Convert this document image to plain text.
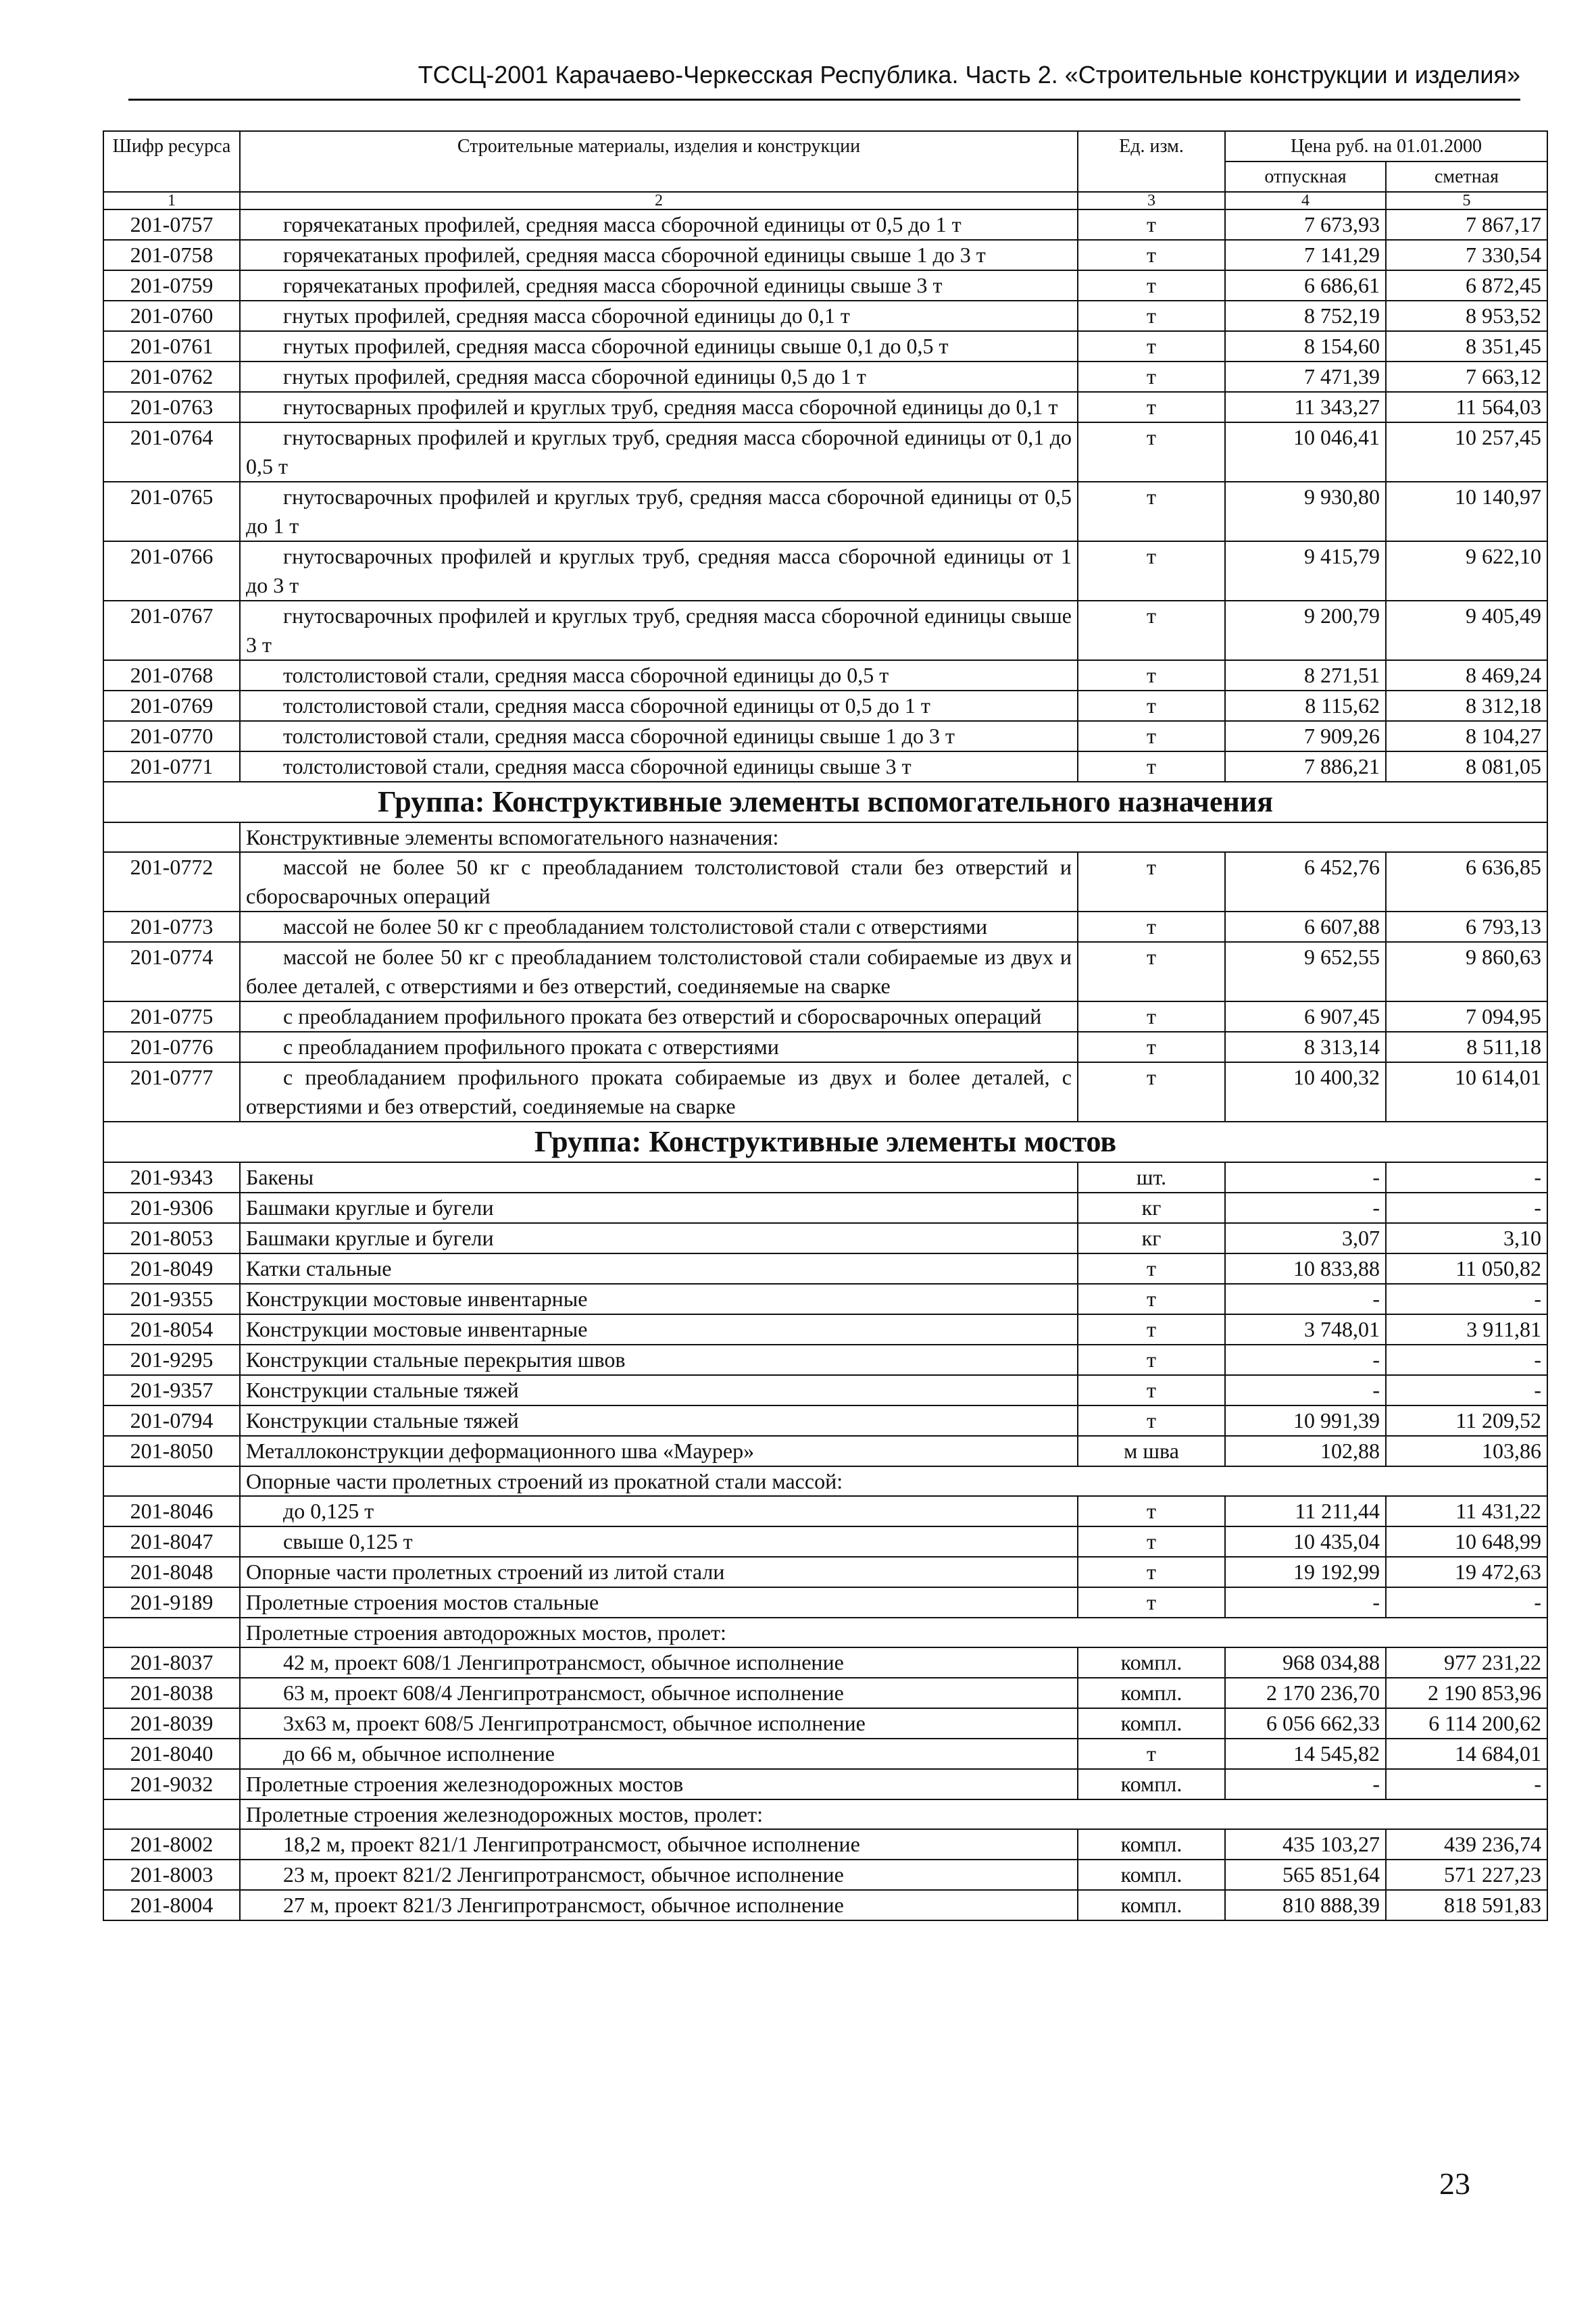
ТССЦ-2001 Карачаево-Черкесская Республика. Часть 2. «Строительные конструкции и изделия»
Шифр ресурса	Строительные материалы, изделия и конструкции	Ед. изм.	Цена руб. на 01.01.2000	
			отпускная	сметная
1	2	3	4	5
201-0757	горячекатаных профилей, средняя масса сборочной единицы от 0,5 до 1 т	т	7 673,93	7 867,17
201-0758	горячекатаных профилей, средняя масса сборочной единицы свыше 1 до 3 т	т	7 141,29	7 330,54
201-0759	горячекатаных профилей, средняя масса сборочной единицы свыше 3 т	т	6 686,61	6 872,45
201-0760	гнутых профилей, средняя масса сборочной единицы до 0,1 т	т	8 752,19	8 953,52
201-0761	гнутых профилей, средняя масса сборочной единицы свыше 0,1 до 0,5 т	т	8 154,60	8 351,45
201-0762	гнутых профилей, средняя масса сборочной единицы 0,5 до 1 т	т	7 471,39	7 663,12
201-0763	гнутосварных профилей и круглых труб, средняя масса сборочной единицы до 0,1 т	т	11 343,27	11 564,03
201-0764	гнутосварных профилей и круглых труб, средняя масса сборочной единицы от 0,1 до 0,5 т	т	10 046,41	10 257,45
201-0765	гнутосварочных профилей и круглых труб, средняя масса сборочной единицы от 0,5 до 1 т	т	9 930,80	10 140,97
201-0766	гнутосварочных профилей и круглых труб, средняя масса сборочной единицы от 1 до 3 т	т	9 415,79	9 622,10
201-0767	гнутосварочных профилей и круглых труб, средняя масса сборочной единицы свыше 3 т	т	9 200,79	9 405,49
201-0768	толстолистовой стали, средняя масса сборочной единицы до 0,5 т	т	8 271,51	8 469,24
201-0769	толстолистовой стали, средняя масса сборочной единицы от 0,5 до 1 т	т	8 115,62	8 312,18
201-0770	толстолистовой стали, средняя масса сборочной единицы свыше 1 до 3 т	т	7 909,26	8 104,27
201-0771	толстолистовой стали, средняя масса сборочной единицы свыше 3 т	т	7 886,21	8 081,05
Группа: Конструктивные элементы вспомогательного назначения				
	Конструктивные элементы вспомогательного назначения:			
201-0772	массой не более 50 кг с преобладанием толстолистовой стали без отверстий и сборосварочных операций	т	6 452,76	6 636,85
201-0773	массой не более 50 кг с преобладанием толстолистовой стали с отверстиями	т	6 607,88	6 793,13
201-0774	массой не более 50 кг с преобладанием толстолистовой стали собираемые из двух и более деталей, с отверстиями и без отверстий, соединяемые на сварке	т	9 652,55	9 860,63
201-0775	с преобладанием профильного проката без отверстий и сборосварочных операций	т	6 907,45	7 094,95
201-0776	с преобладанием профильного проката с отверстиями	т	8 313,14	8 511,18
201-0777	с преобладанием профильного проката собираемые из двух и более деталей, с отверстиями и без отверстий, соединяемые на сварке	т	10 400,32	10 614,01
Группа: Конструктивные элементы мостов				
201-9343	Бакены	шт.	-	-
201-9306	Башмаки круглые и бугели	кг	-	-
201-8053	Башмаки круглые и бугели	кг	3,07	3,10
201-8049	Катки стальные	т	10 833,88	11 050,82
201-9355	Конструкции мостовые инвентарные	т	-	-
201-8054	Конструкции мостовые инвентарные	т	3 748,01	3 911,81
201-9295	Конструкции стальные перекрытия швов	т	-	-
201-9357	Конструкции стальные тяжей	т	-	-
201-0794	Конструкции стальные тяжей	т	10 991,39	11 209,52
201-8050	Металлоконструкции деформационного шва «Маурер»	м шва	102,88	103,86
	Опорные части пролетных строений из прокатной стали массой:			
201-8046	до 0,125 т	т	11 211,44	11 431,22
201-8047	свыше 0,125 т	т	10 435,04	10 648,99
201-8048	Опорные части пролетных строений из литой стали	т	19 192,99	19 472,63
201-9189	Пролетные строения мостов стальные	т	-	-
	Пролетные строения автодорожных мостов, пролет:			
201-8037	42 м, проект 608/1 Ленгипротрансмост, обычное исполнение	компл.	968 034,88	977 231,22
201-8038	63 м, проект 608/4 Ленгипротрансмост, обычное исполнение	компл.	2 170 236,70	2 190 853,96
201-8039	3х63 м, проект 608/5 Ленгипротрансмост, обычное исполнение	компл.	6 056 662,33	6 114 200,62
201-8040	до 66 м, обычное исполнение	т	14 545,82	14 684,01
201-9032	Пролетные строения железнодорожных мостов	компл.	-	-
	Пролетные строения железнодорожных мостов, пролет:			
201-8002	18,2 м, проект 821/1 Ленгипротрансмост, обычное исполнение	компл.	435 103,27	439 236,74
201-8003	23 м, проект 821/2 Ленгипротрансмост, обычное исполнение	компл.	565 851,64	571 227,23
201-8004	27 м, проект 821/3 Ленгипротрансмост, обычное исполнение	компл.	810 888,39	818 591,83
23
